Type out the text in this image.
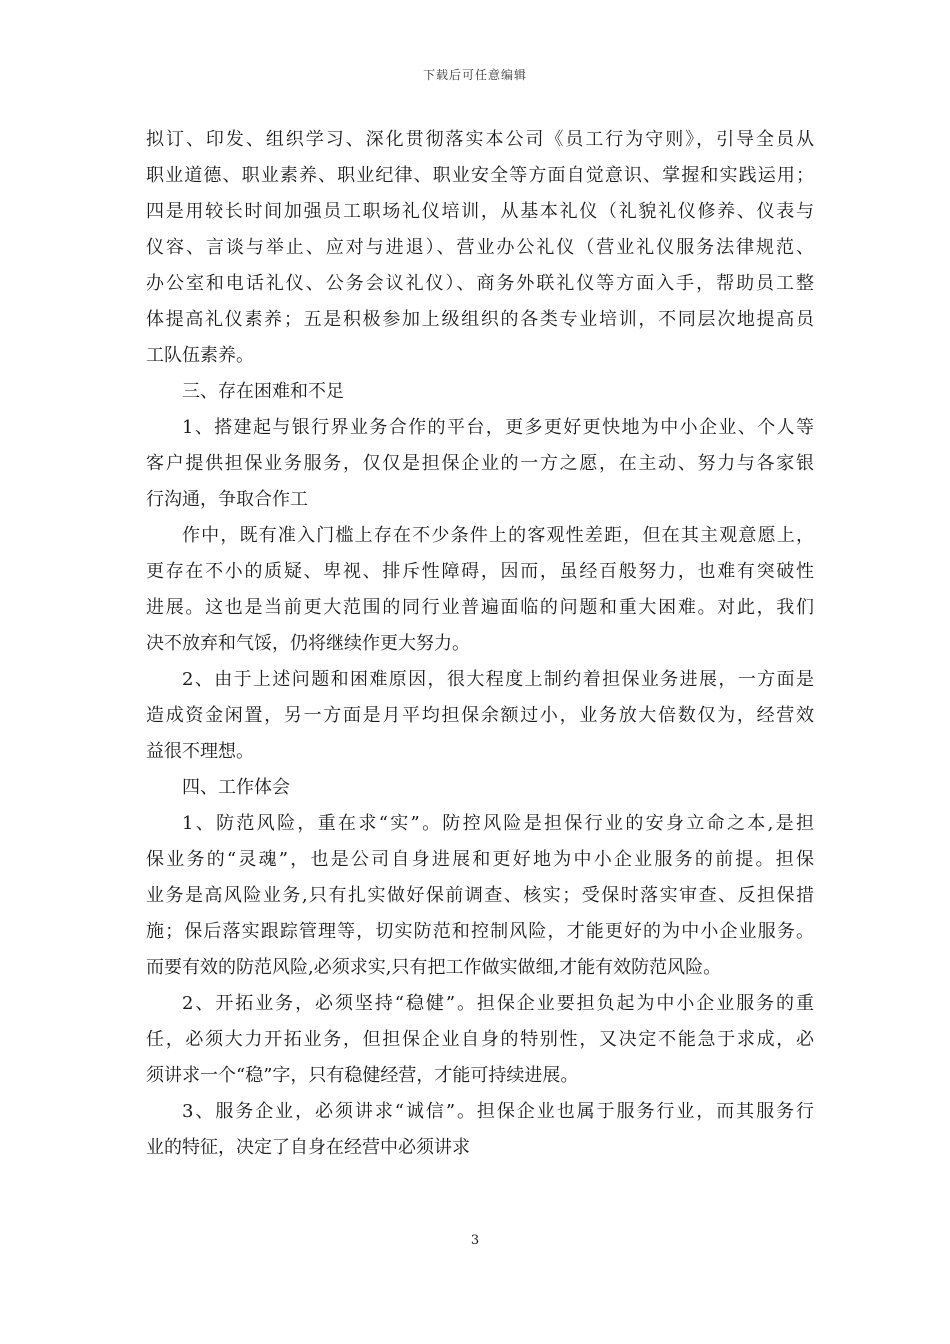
下载后可任意编辑
拟订、印发、组织学习、深化贯彻落实本公司《员工行为守则》，引导全员从
职业道德、职业素养、职业纪律、职业安全等方面自觉意识、掌握和实践运用；
四是用较长时间加强员工职场礼仪培训，从基本礼仪（礼貌礼仪修养、仪表与
仪容、言谈与举止、应对与进退）、营业办公礼仪（营业礼仪服务法律规范、
办公室和电话礼仪、公务会议礼仪）、商务外联礼仪等方面入手，帮助员工整
体提高礼仪素养；五是积极参加上级组织的各类专业培训，不同层次地提高员
工队伍素养。
三、存在困难和不足
1、搭建起与银行界业务合作的平台，更多更好更快地为中小企业、个人等
客户提供担保业务服务，仅仅是担保企业的一方之愿，在主动、努力与各家银
行沟通，争取合作工
作中，既有准入门槛上存在不少条件上的客观性差距，但在其主观意愿上，
更存在不小的质疑、卑视、排斥性障碍，因而，虽经百般努力，也难有突破性
进展。这也是当前更大范围的同行业普遍面临的问题和重大困难。对此，我们
决不放弃和气馁，仍将继续作更大努力。
2、由于上述问题和困难原因，很大程度上制约着担保业务进展，一方面是
造成资金闲置，另一方面是月平均担保余额过小，业务放大倍数仅为，经营效
益很不理想。
四、工作体会
1、防范风险，重在求“实”。防控风险是担保行业的安身立命之本,是担
保业务的“灵魂”，也是公司自身进展和更好地为中小企业服务的前提。担保
业务是高风险业务,只有扎实做好保前调查、核实；受保时落实审查、反担保措
施；保后落实跟踪管理等，切实防范和控制风险，才能更好的为中小企业服务。
而要有效的防范风险,必须求实,只有把工作做实做细,才能有效防范风险。
2、开拓业务，必须坚持“稳健”。担保企业要担负起为中小企业服务的重
任，必须大力开拓业务，但担保企业自身的特别性，又决定不能急于求成，必
须讲求一个“稳”字，只有稳健经营，才能可持续进展。
3、服务企业，必须讲求“诚信”。担保企业也属于服务行业，而其服务行
业的特征，决定了自身在经营中必须讲求
3
